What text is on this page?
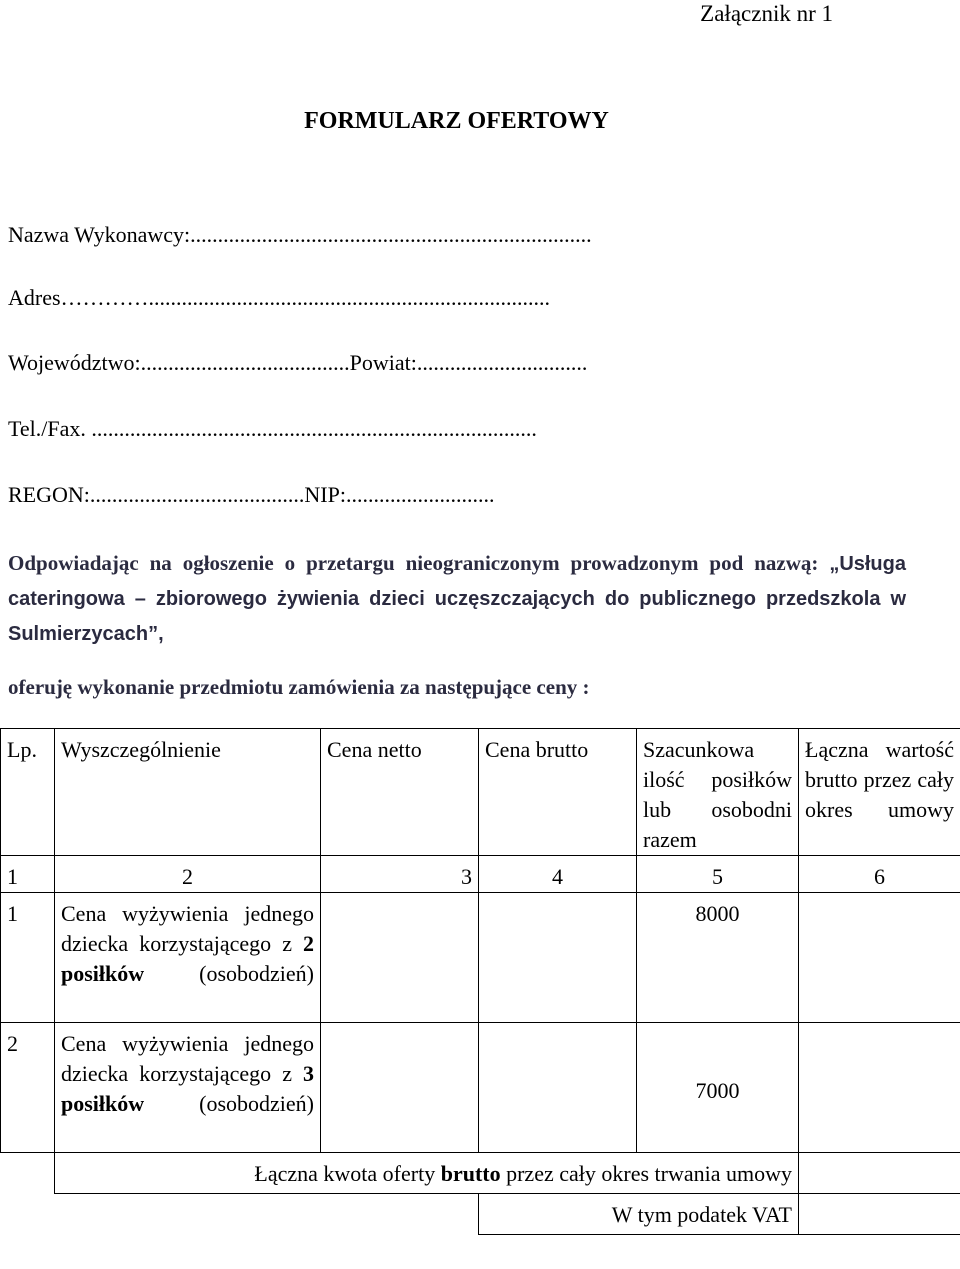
Załącznik nr 1
FORMULARZ OFERTOWY
Nazwa Wykonawcy:.........................................................................
Adres………….........................................................................
Województwo:......................................Powiat:...............................
Tel./Fax. .................................................................................
REGON:.......................................NIP:...........................
Odpowiadając na ogłoszenie o przetargu nieograniczonym prowadzonym pod nazwą: „Usługa cateringowa – zbiorowego żywienia dzieci uczęszczających do publicznego przedszkola w Sulmierzycach”,
oferuję wykonanie przedmiotu zamówienia za następujące ceny :
Lp.	Wyszczególnienie	Cena netto	Cena brutto	Szacunkowa ilość posiłków lub osobodni razem	Łączna wartość brutto przez cały okres umowy
1	2	3	4	5	6
1	Cena wyżywienia jednego dziecka korzystającego z 2 posiłków (osobodzień)			8000	
2	Cena wyżywienia jednego dziecka korzystającego z 3 posiłków (osobodzień)			7000	
	Łączna kwota oferty brutto przez cały okres trwania umowy				
			W tym podatek VAT		
